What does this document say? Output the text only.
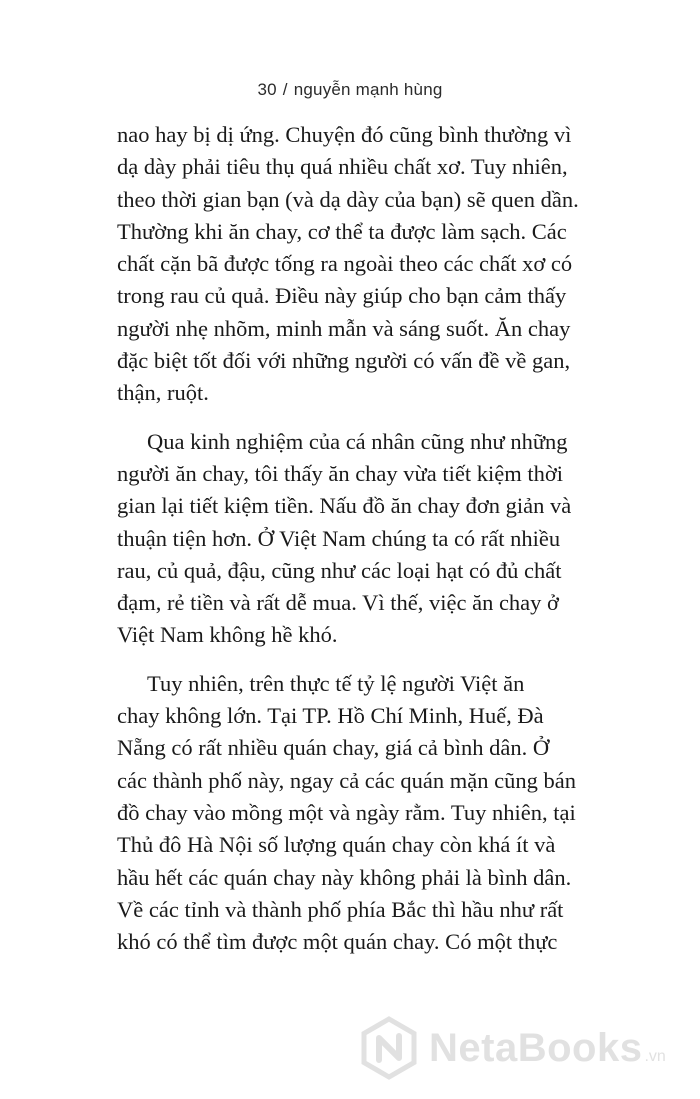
30 / nguyễn mạnh hùng
nao hay bị dị ứng. Chuyện đó cũng bình thường vì
dạ dày phải tiêu thụ quá nhiều chất xơ. Tuy nhiên,
theo thời gian bạn (và dạ dày của bạn) sẽ quen dần.
Thường khi ăn chay, cơ thể ta được làm sạch. Các
chất cặn bã được tống ra ngoài theo các chất xơ có
trong rau củ quả. Điều này giúp cho bạn cảm thấy
người nhẹ nhõm, minh mẫn và sáng suốt. Ăn chay
đặc biệt tốt đối với những người có vấn đề về gan,
thận, ruột.
Qua kinh nghiệm của cá nhân cũng như những
người ăn chay, tôi thấy ăn chay vừa tiết kiệm thời
gian lại tiết kiệm tiền. Nấu đồ ăn chay đơn giản và
thuận tiện hơn. Ở Việt Nam chúng ta có rất nhiều
rau, củ quả, đậu, cũng như các loại hạt có đủ chất
đạm, rẻ tiền và rất dễ mua. Vì thế, việc ăn chay ở
Việt Nam không hề khó.
Tuy nhiên, trên thực tế tỷ lệ người Việt ăn
chay không lớn. Tại TP. Hồ Chí Minh, Huế, Đà
Nẵng có rất nhiều quán chay, giá cả bình dân. Ở
các thành phố này, ngay cả các quán mặn cũng bán
đồ chay vào mồng một và ngày rằm. Tuy nhiên, tại
Thủ đô Hà Nội số lượng quán chay còn khá ít và
hầu hết các quán chay này không phải là bình dân.
Về các tỉnh và thành phố phía Bắc thì hầu như rất
khó có thể tìm được một quán chay. Có một thực
NetaBooks .vn
